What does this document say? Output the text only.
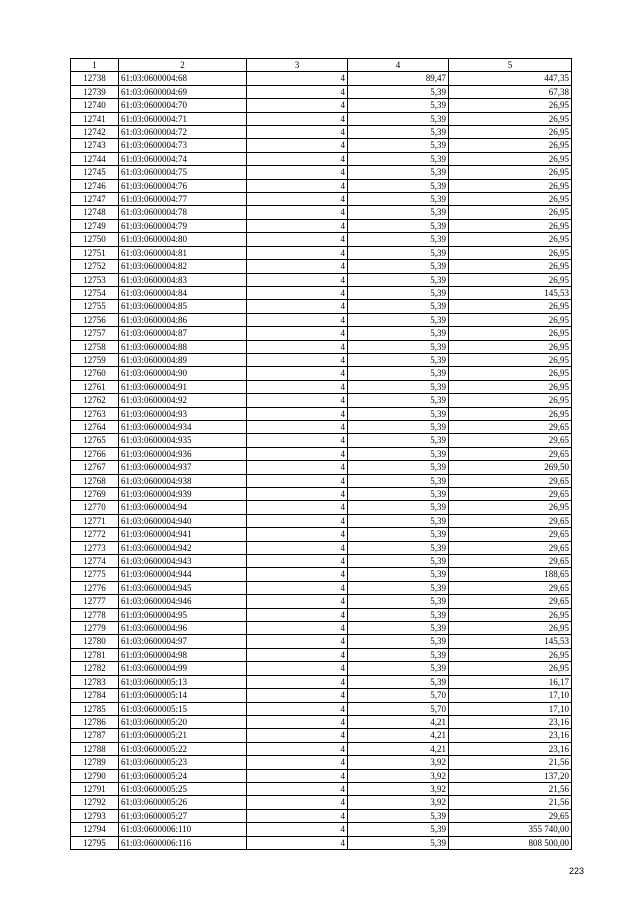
1	2	3	4	5
12738	61:03:0600004:68	4	89,47	447,35
12739	61:03:0600004:69	4	5,39	67,38
12740	61:03:0600004:70	4	5,39	26,95
12741	61:03:0600004:71	4	5,39	26,95
12742	61:03:0600004:72	4	5,39	26,95
12743	61:03:0600004:73	4	5,39	26,95
12744	61:03:0600004:74	4	5,39	26,95
12745	61:03:0600004:75	4	5,39	26,95
12746	61:03:0600004:76	4	5,39	26,95
12747	61:03:0600004:77	4	5,39	26,95
12748	61:03:0600004:78	4	5,39	26,95
12749	61:03:0600004:79	4	5,39	26,95
12750	61:03:0600004:80	4	5,39	26,95
12751	61:03:0600004:81	4	5,39	26,95
12752	61:03:0600004:82	4	5,39	26,95
12753	61:03:0600004:83	4	5,39	26,95
12754	61:03:0600004:84	4	5,39	145,53
12755	61:03:0600004:85	4	5,39	26,95
12756	61:03:0600004:86	4	5,39	26,95
12757	61:03:0600004:87	4	5,39	26,95
12758	61:03:0600004:88	4	5,39	26,95
12759	61:03:0600004:89	4	5,39	26,95
12760	61:03:0600004:90	4	5,39	26,95
12761	61:03:0600004:91	4	5,39	26,95
12762	61:03:0600004:92	4	5,39	26,95
12763	61:03:0600004:93	4	5,39	26,95
12764	61:03:0600004:934	4	5,39	29,65
12765	61:03:0600004:935	4	5,39	29,65
12766	61:03:0600004:936	4	5,39	29,65
12767	61:03:0600004:937	4	5,39	269,50
12768	61:03:0600004:938	4	5,39	29,65
12769	61:03:0600004:939	4	5,39	29,65
12770	61:03:0600004:94	4	5,39	26,95
12771	61:03:0600004:940	4	5,39	29,65
12772	61:03:0600004:941	4	5,39	29,65
12773	61:03:0600004:942	4	5,39	29,65
12774	61:03:0600004:943	4	5,39	29,65
12775	61:03:0600004:944	4	5,39	188,65
12776	61:03:0600004:945	4	5,39	29,65
12777	61:03:0600004:946	4	5,39	29,65
12778	61:03:0600004:95	4	5,39	26,95
12779	61:03:0600004:96	4	5,39	26,95
12780	61:03:0600004:97	4	5,39	145,53
12781	61:03:0600004:98	4	5,39	26,95
12782	61:03:0600004:99	4	5,39	26,95
12783	61:03:0600005:13	4	5,39	16,17
12784	61:03:0600005:14	4	5,70	17,10
12785	61:03:0600005:15	4	5,70	17,10
12786	61:03:0600005:20	4	4,21	23,16
12787	61:03:0600005:21	4	4,21	23,16
12788	61:03:0600005:22	4	4,21	23,16
12789	61:03:0600005:23	4	3,92	21,56
12790	61:03:0600005:24	4	3,92	137,20
12791	61:03:0600005:25	4	3,92	21,56
12792	61:03:0600005:26	4	3,92	21,56
12793	61:03:0600005:27	4	5,39	29,65
12794	61:03:0600006:110	4	5,39	355 740,00
12795	61:03:0600006:116	4	5,39	808 500,00
223
